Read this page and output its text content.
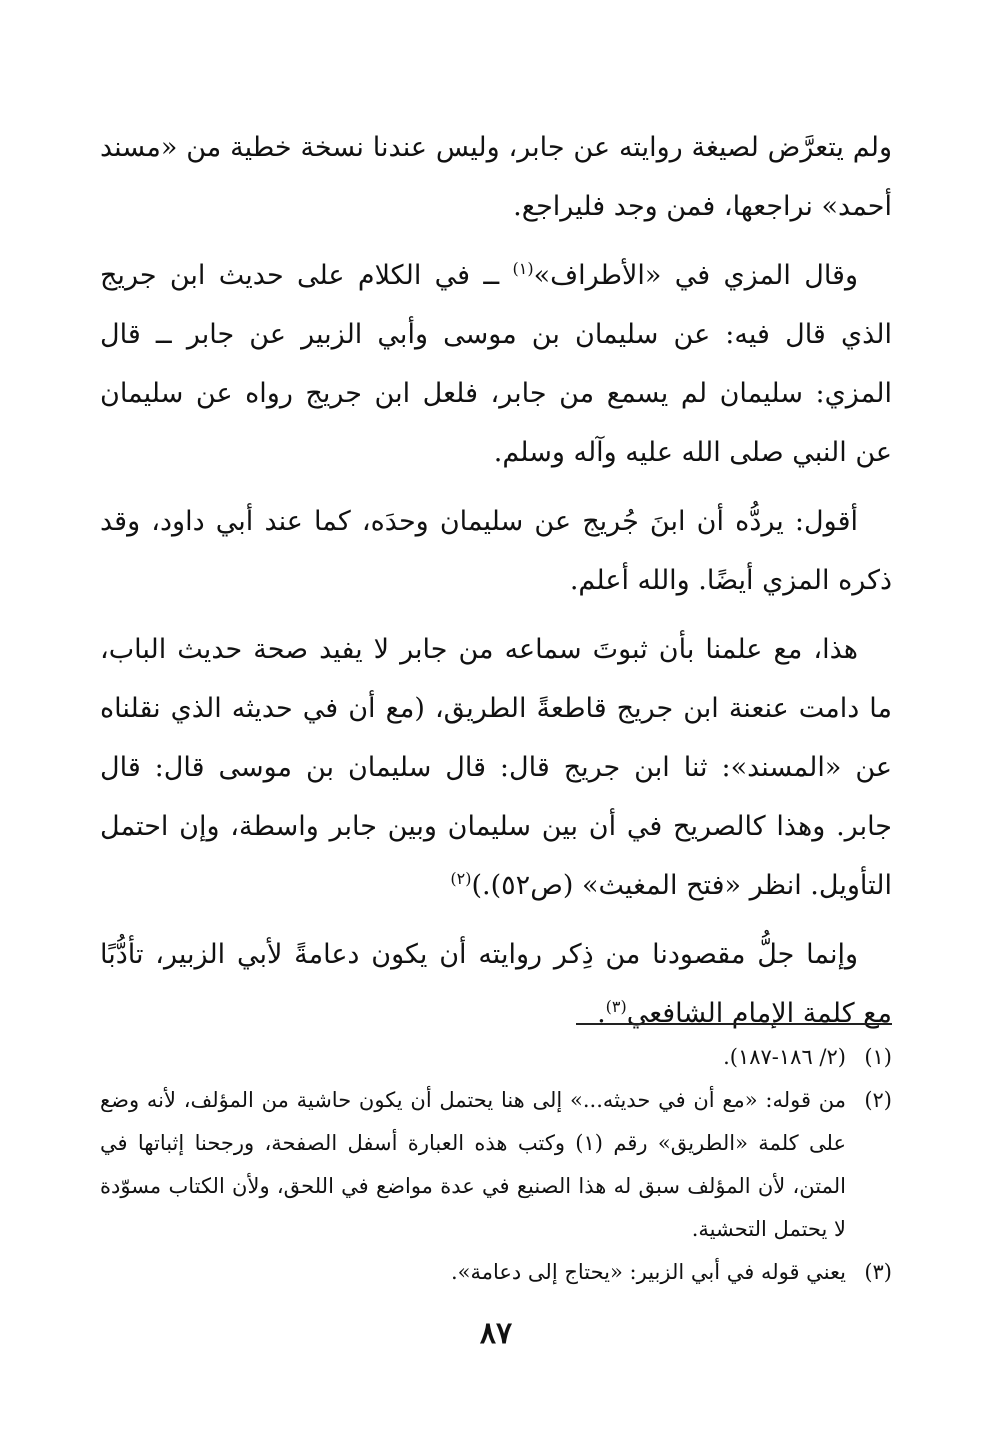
ولم يتعرَّض لصيغة روايته عن جابر، وليس عندنا نسخة خطية من «مسند أحمد» نراجعها، فمن وجد فليراجع.

وقال المزي في «الأطراف»$^{(١)}$ ــ في الكلام على حديث ابن جريج الذي قال فيه: عن سليمان بن موسى وأبي الزبير عن جابر ــ قال المزي: سليمان لم يسمع من جابر، فلعل ابن جريج رواه عن سليمان عن النبي صلى الله عليه وآله وسلم.

أقول: يردُّه أن ابنَ جُريج عن سليمان وحدَه، كما عند أبي داود، وقد ذكره المزي أيضًا. والله أعلم.

هذا، مع علمنا بأن ثبوتَ سماعه من جابر لا يفيد صحة حديث الباب، ما دامت عنعنة ابن جريج قاطعةً الطريق، (مع أن في حديثه الذي نقلناه عن «المسند»: ثنا ابن جريج قال: قال سليمان بن موسى قال: قال جابر. وهذا كالصريح في أن بين سليمان وبين جابر واسطة، وإن احتمل التأويل. انظر «فتح المغيث» (ص٥٢).)$^{(٢)}$

وإنما جلُّ مقصودنا من ذِكر روايته أن يكون دعامةً لأبي الزبير، تأدُّبًا مع كلمة الإمام الشافعي$^{(٣)}$.

(١)
(٢/ ١٨٦-١٨٧).
(٢)
من قوله: «مع أن في حديثه...» إلى هنا يحتمل أن يكون حاشية من المؤلف، لأنه وضع على كلمة «الطريق» رقم (١) وكتب هذه العبارة أسفل الصفحة، ورجحنا إثباتها في المتن، لأن المؤلف سبق له هذا الصنيع في عدة مواضع في اللحق، ولأن الكتاب مسوّدة لا يحتمل التحشية.
(٣)
يعني قوله في أبي الزبير: «يحتاج إلى دعامة».
٨٧
